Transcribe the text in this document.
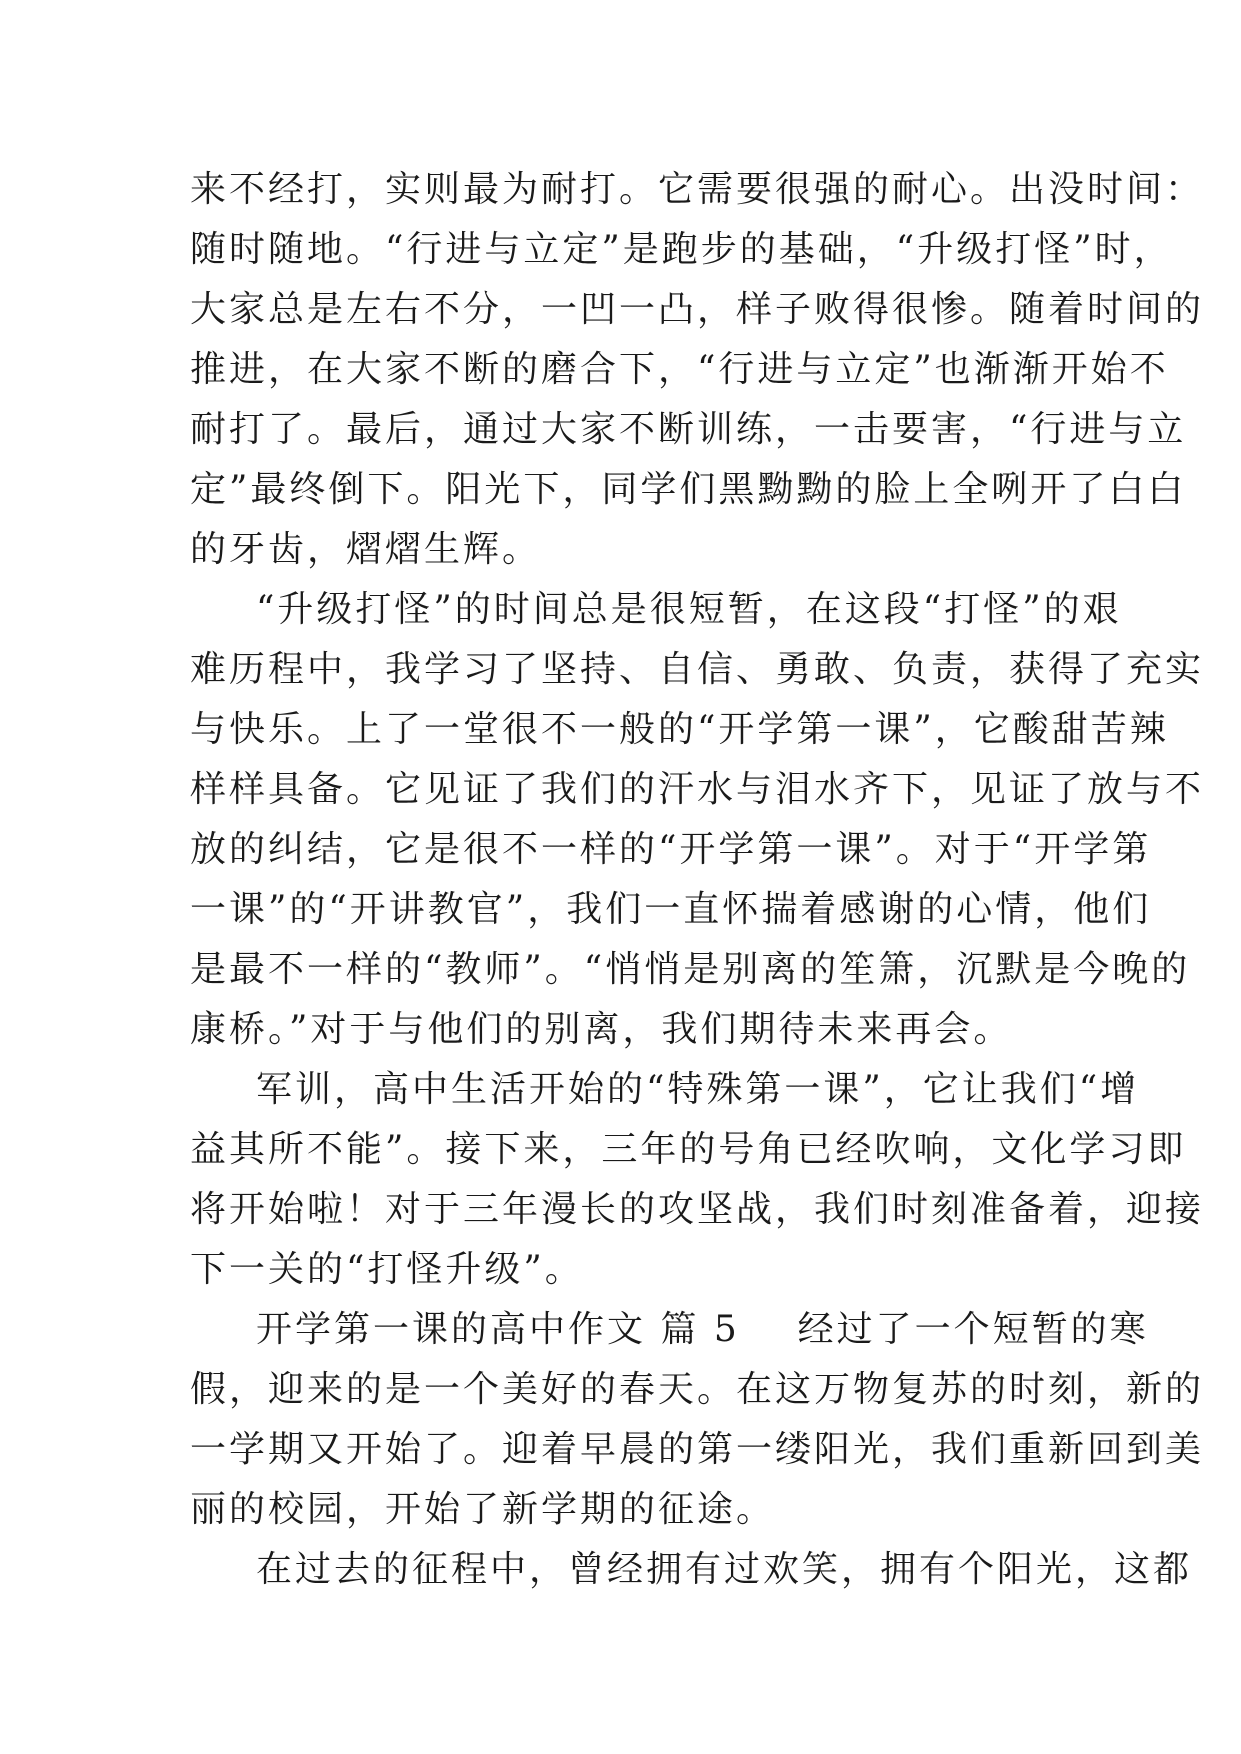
来不经打，实则最为耐打。它需要很强的耐心。出没时间：
随时随地。“行进与立定”是跑步的基础，“升级打怪”时，
大家总是左右不分，一凹一凸，样子败得很惨。随着时间的
推进，在大家不断的磨合下，“行进与立定”也渐渐开始不
耐打了。最后，通过大家不断训练，一击要害，“行进与立
定”最终倒下。阳光下，同学们黑黝黝的脸上全咧开了白白
的牙齿，熠熠生辉。
“升级打怪”的时间总是很短暂，在这段“打怪”的艰
难历程中，我学习了坚持、自信、勇敢、负责，获得了充实
与快乐。上了一堂很不一般的“开学第一课”，它酸甜苦辣
样样具备。它见证了我们的汗水与泪水齐下，见证了放与不
放的纠结，它是很不一样的“开学第一课”。对于“开学第
一课”的“开讲教官”，我们一直怀揣着感谢的心情，他们
是最不一样的“教师”。“悄悄是别离的笙箫，沉默是今晚的
康桥。”对于与他们的别离，我们期待未来再会。
军训，高中生活开始的“特殊第一课”，它让我们“增
益其所不能”。接下来，三年的号角已经吹响，文化学习即
将开始啦！对于三年漫长的攻坚战，我们时刻准备着，迎接
下一关的“打怪升级”。
开学第一课的高中作文 篇 5    经过了一个短暂的寒
假，迎来的是一个美好的春天。在这万物复苏的时刻，新的
一学期又开始了。迎着早晨的第一缕阳光，我们重新回到美
丽的校园，开始了新学期的征途。
在过去的征程中，曾经拥有过欢笑，拥有个阳光，这都
